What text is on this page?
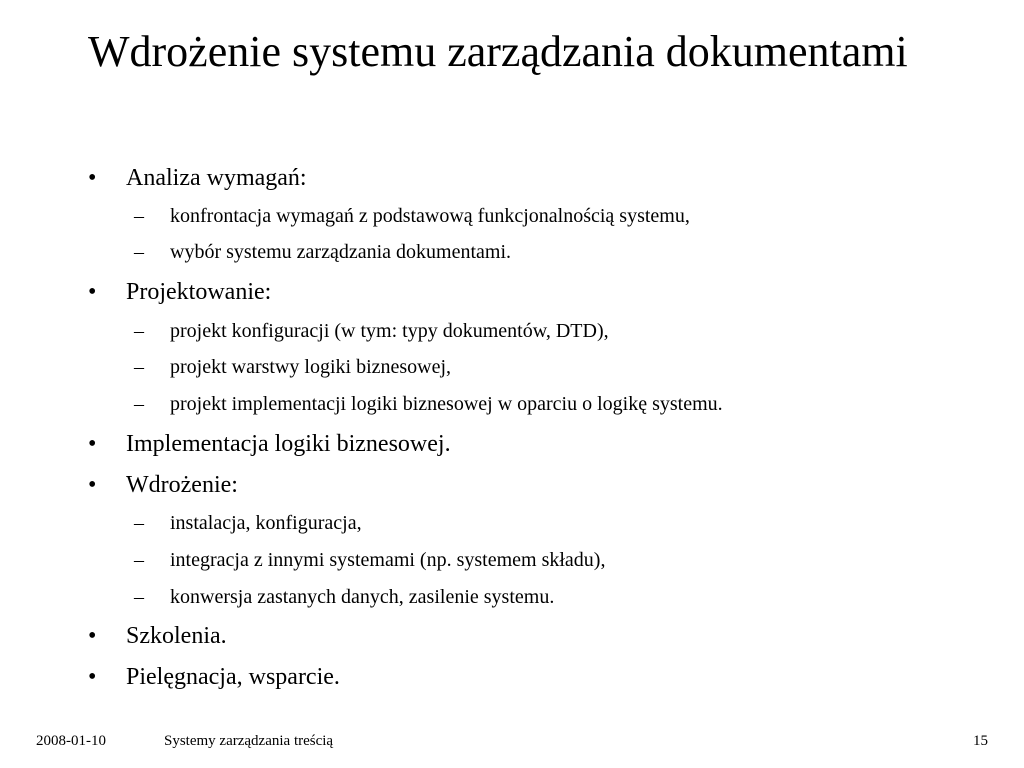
Wdrożenie systemu zarządzania dokumentami
• Analiza wymagań:
– konfrontacja wymagań z podstawową funkcjonalnością systemu,
– wybór systemu zarządzania dokumentami.
• Projektowanie:
– projekt konfiguracji (w tym: typy dokumentów, DTD),
– projekt warstwy logiki biznesowej,
– projekt implementacji logiki biznesowej w oparciu o logikę systemu.
• Implementacja logiki biznesowej.
• Wdrożenie:
– instalacja, konfiguracja,
– integracja z innymi systemami (np. systemem składu),
– konwersja zastanych danych, zasilenie systemu.
• Szkolenia.
• Pielęgnacja, wsparcie.
2008-01-10	Systemy zarządzania treścią	15
